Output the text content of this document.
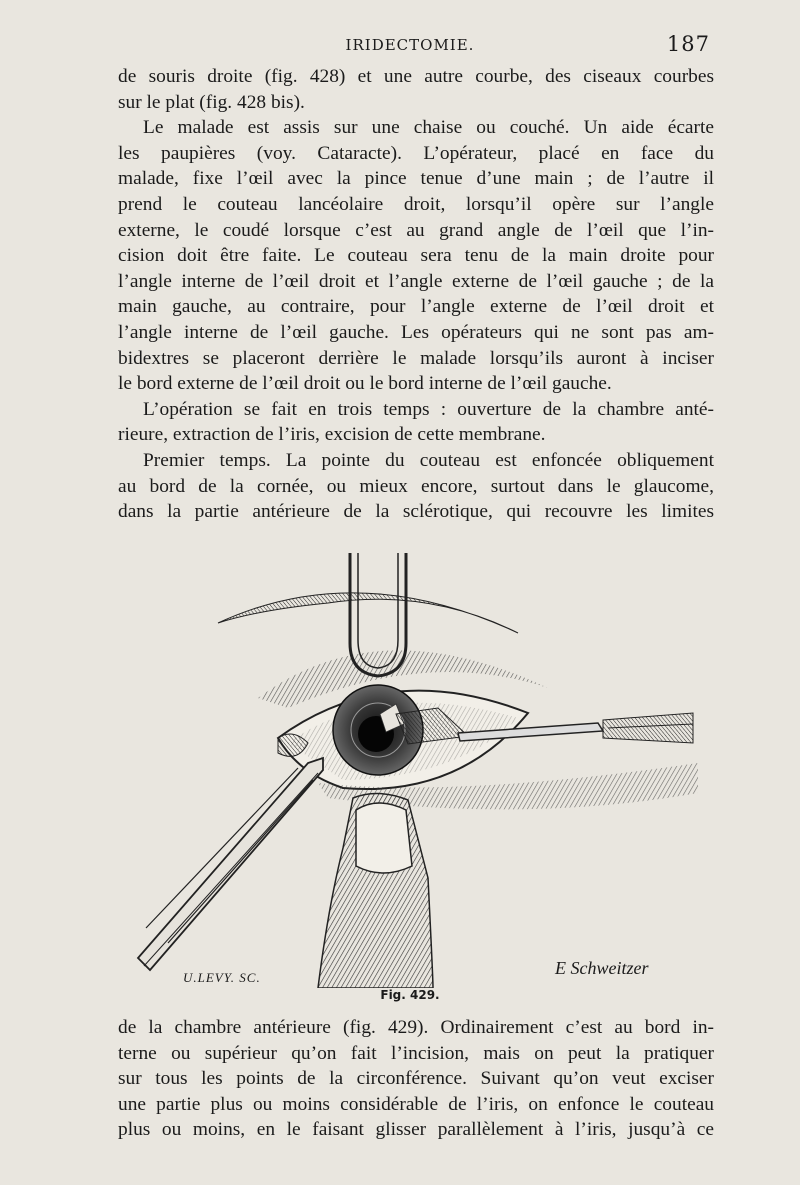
IRIDECTOMIE.	187

de souris droite (fig. 428) et une autre courbe, des ciseaux courbes

sur le plat (fig. 428 bis).

Le malade est assis sur une chaise ou couché. Un aide écarte

les paupières (voy. Cataracte). L’opérateur, placé en face du

malade, fixe l’œil avec la pince tenue d’une main ; de l’autre il

prend le couteau lancéolaire droit, lorsqu’il opère sur l’angle

externe, le coudé lorsque c’est au grand angle de l’œil que l’in-

cision doit être faite. Le couteau sera tenu de la main droite pour

l’angle interne de l’œil droit et l’angle externe de l’œil gauche ; de la

main gauche, au contraire, pour l’angle externe de l’œil droit et

l’angle interne de l’œil gauche. Les opérateurs qui ne sont pas am-

bidextres se placeront derrière le malade lorsqu’ils auront à inciser

le bord externe de l’œil droit ou le bord interne de l’œil gauche.

L’opération se fait en trois temps : ouverture de la chambre anté-

rieure, extraction de l’iris, excision de cette membrane.

Premier temps. La pointe du couteau est enfoncée obliquement

au bord de la cornée, ou mieux encore, surtout dans le glaucome,

dans la partie antérieure de la sclérotique, qui recouvre les limites

U.LEVY. SC.	E Schweitzer
Fig. 429.

de la chambre antérieure (fig. 429). Ordinairement c’est au bord in-

terne ou supérieur qu’on fait l’incision, mais on peut la pratiquer

sur tous les points de la circonférence. Suivant qu’on veut exciser

une partie plus ou moins considérable de l’iris, on enfonce le couteau

plus ou moins, en le faisant glisser parallèlement à l’iris, jusqu’à ce
